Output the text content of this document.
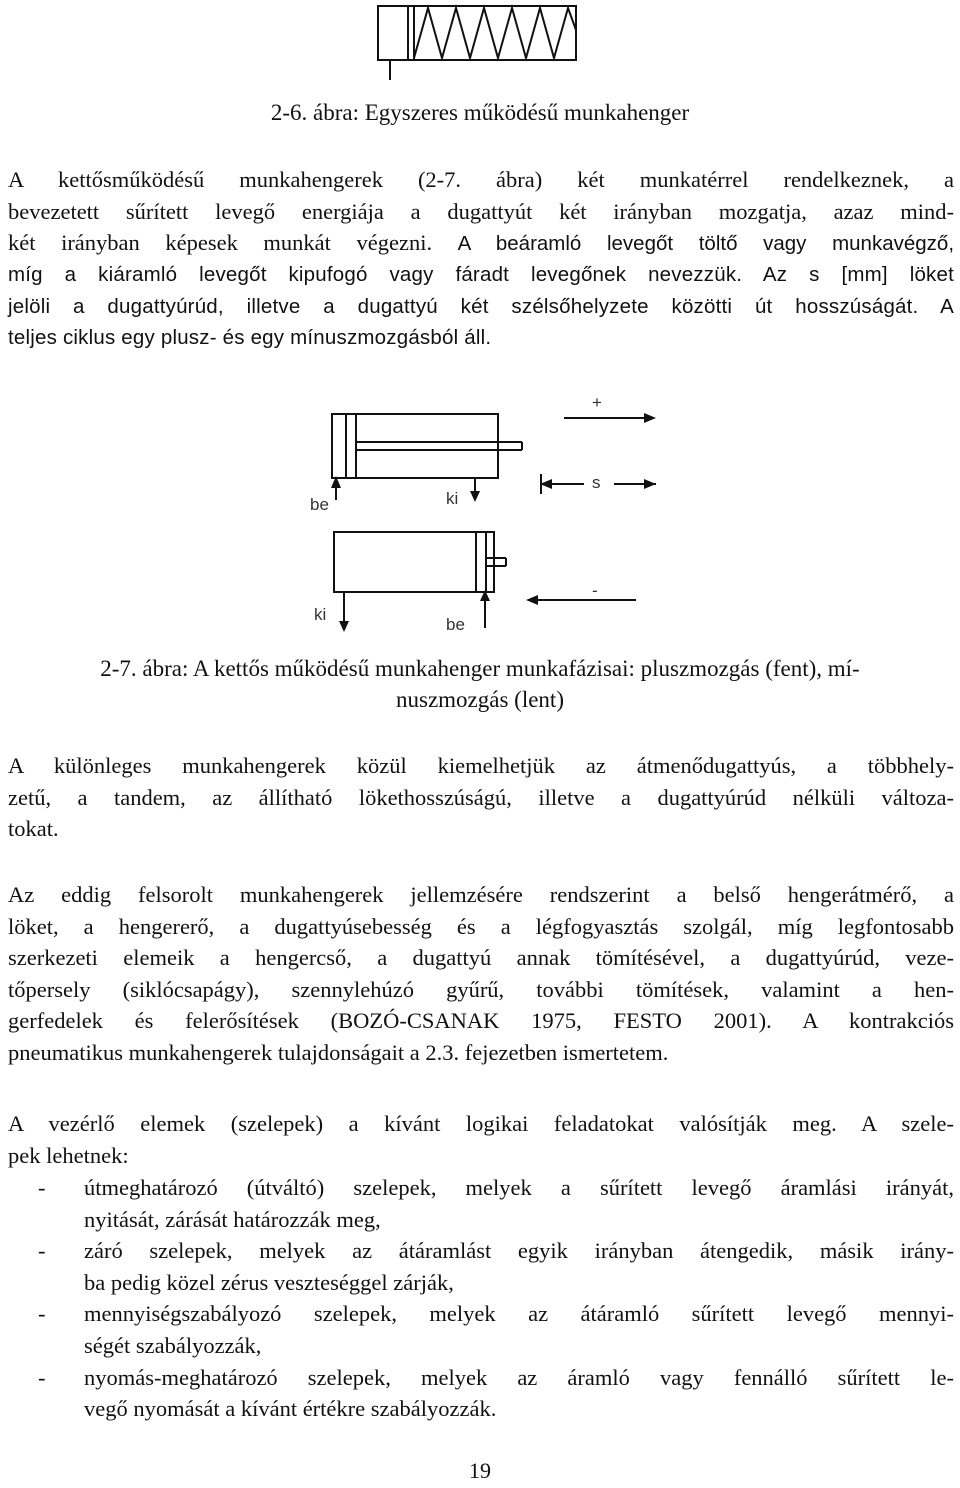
2-6. ábra: Egyszeres működésű munkahenger
A kettősműködésű munkahengerek (2-7. ábra) két munkatérrel rendelkeznek, a
bevezetett sűrített levegő energiája a dugattyút két irányban mozgatja, azaz mind-
két irányban képesek munkát végezni. A beáramló levegőt töltő vagy munkavégző,
míg a kiáramló levegőt kipufogó vagy fáradt levegőnek nevezzük. Az s [mm] löket
jelöli a dugattyúrúd, illetve a dugattyú két szélsőhelyzete közötti út hosszúságát. A
teljes ciklus egy plusz- és egy mínuszmozgásból áll.
+
s
-
be	ki
ki
be
2-7. ábra: A kettős működésű munkahenger munkafázisai: pluszmozgás (fent), mí-
nuszmozgás (lent)
A különleges munkahengerek közül kiemelhetjük az átmenődugattyús, a többhely-
zetű, a tandem, az állítható lökethosszúságú, illetve a dugattyúrúd nélküli változa-
tokat.
Az eddig felsorolt munkahengerek jellemzésére rendszerint a belső hengerátmérő, a
löket, a hengererő, a dugattyúsebesség és a légfogyasztás szolgál, míg legfontosabb
szerkezeti elemeik a hengercső, a dugattyú annak tömítésével, a dugattyúrúd, veze-
tőpersely (siklócsapágy), szennylehúzó gyűrű, további tömítések, valamint a hen-
gerfedelek és felerősítések (BOZÓ-CSANAK 1975, FESTO 2001). A kontrakciós
pneumatikus munkahengerek tulajdonságait a 2.3. fejezetben ismertetem.
A vezérlő elemek (szelepek) a kívánt logikai feladatokat valósítják meg. A szele-
pek lehetnek:
- útmeghatározó (útváltó) szelepek, melyek a sűrített levegő áramlási irányát,
nyitását, zárását határozzák meg,
- záró szelepek, melyek az átáramlást egyik irányban átengedik, másik irány-
ba pedig közel zérus veszteséggel zárják,
- mennyiségszabályozó szelepek, melyek az átáramló sűrített levegő mennyi-
ségét szabályozzák,
- nyomás-meghatározó szelepek, melyek az áramló vagy fennálló sűrített le-
vegő nyomását a kívánt értékre szabályozzák.
19
